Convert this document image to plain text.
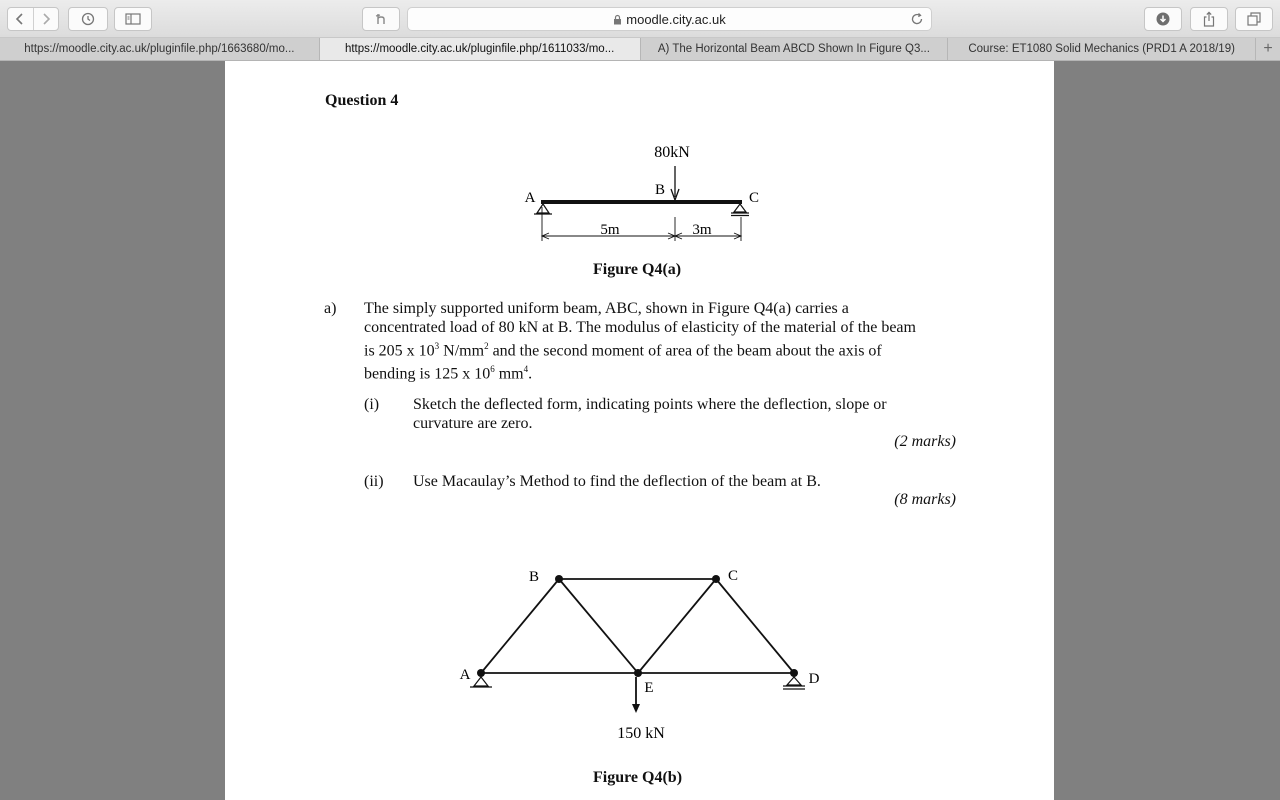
moodle.city.ac.uk
https://moodle.city.ac.uk/pluginfile.php/1663680/mo...	https://moodle.city.ac.uk/pluginfile.php/1611033/mo...	A) The Horizontal Beam ABCD Shown In Figure Q3...	Course: ET1080 Solid Mechanics (PRD1 A 2018/19)	+
Question 4
80kN
A	B	C
5m	3m
Figure Q4(a)
a) The simply supported uniform beam, ABC, shown in Figure Q4(a) carries a
concentrated load of 80 kN at B. The modulus of elasticity of the material of the beam
is 205 x $10^3$ $N/mm^2$ and the second moment of area of the beam about the axis of
bending is 125 x $10^6$ $mm^4$.
(i) Sketch the deflected form, indicating points where the deflection, slope or
curvature are zero.
(2 marks)
(ii) Use Macaulay’s Method to find the deflection of the beam at B.
(8 marks)
B	C
A	D
E
150 kN
Figure Q4(b)
